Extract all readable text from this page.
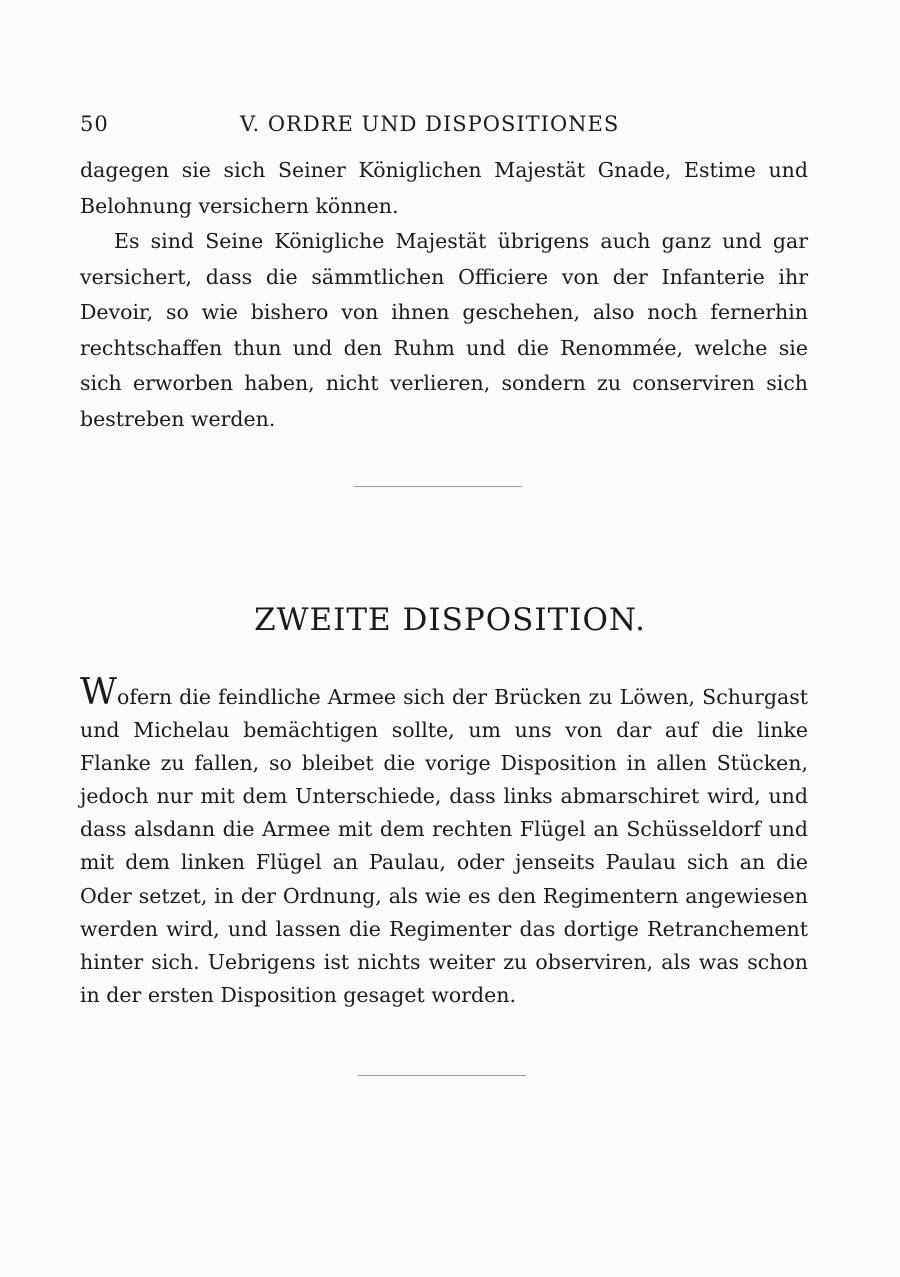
50	V. ORDRE UND DISPOSITIONES

dagegen sie sich Seiner Königlichen Majestät Gnade, Estime und Belohnung versichern können.

Es sind Seine Königliche Majestät übrigens auch ganz und gar versichert, dass die sämmtlichen Officiere von der Infanterie ihr Devoir, so wie bishero von ihnen geschehen, also noch fernerhin rechtschaffen thun und den Ruhm und die Renommée, welche sie sich erworben haben, nicht verlieren, sondern zu conserviren sich bestreben werden.

ZWEITE DISPOSITION.

Wofern die feindliche Armee sich der Brücken zu Löwen, Schurgast und Michelau bemächtigen sollte, um uns von dar auf die linke Flanke zu fallen, so bleibet die vorige Disposition in allen Stücken, jedoch nur mit dem Unterschiede, dass links abmarschiret wird, und dass alsdann die Armee mit dem rechten Flügel an Schüsseldorf und mit dem linken Flügel an Paulau, oder jenseits Paulau sich an die Oder setzet, in der Ordnung, als wie es den Regimentern angewiesen werden wird, und lassen die Regimenter das dortige Retranchement hinter sich. Uebrigens ist nichts weiter zu observiren, als was schon in der ersten Disposition gesaget worden.
